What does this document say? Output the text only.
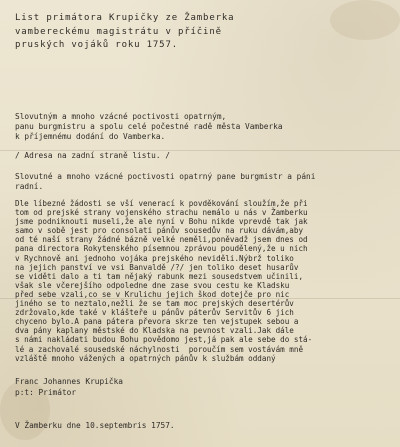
List primátora Krupičky ze Žamberka
vambereckému magistrátu v příčině
pruských vojáků roku 1757.
Slovutným a mnoho vzácné poctivosti opatrným,
panu burgmistru a spolu celé počestné radě města Vamberka
k příjemnému dodání do Vamberka.

/ Adresa na zadní straně listu. /
Slovutné a mnoho vzácné poctivosti opatrný pane burgmistr a páni
radní.
Dle líbezné žádosti se vší venerací k povděkování sloužím,že při
tom od prejské strany vojenského strachu nemálo u nás v Žamberku
jsme podniknouti museli,že ale nyní v Bohu nikde vprevdě tak jak
samo v sobě jest pro consolati pánův sousedův na ruku dávám,aby
od té naší strany žádné bázně velké neměli,poněvadž jsem dnes od
pana directora Rokytenského písemnou zprávou poudělený,že u nich
v Rychnově ani jednoho vojáka prejského neviděli.Nýbrž toliko
na jejich panství ve vsi Banvaldě /?/ jen toliko deset husarův
se viděti dalo a ti tam nějaký rabunk mezi sousedstvem učinili,
však sle včerejšího odpoledne dne zase svou cestu ke Kladsku
před sebe vzali,co se v Krulichu jejich škod dotejče pro nic
jiného se to neztalo,nežli že se tam moc prejských desertérův
zdržovalo,kde také v klášteře u pánův páterův Servitův 6 jich
chyceno bylo.A pana pátera převora skrze ten vejstupek sebou a
dva pány kaplany městské do Kladska na pevnost vzali.Jak dále
s námi nakládati budou Bohu povědomo jest,já pak ale sebe do stá-
lé a zachovalé sousedské náchylnosti  poroučím sem vostávám mně
vzláště mnoho vážených a opatrných pánův k službám oddaný
Franc Johannes Krupička
p:t: Primátor
V Žamberku dne 10.septembris 1757.
